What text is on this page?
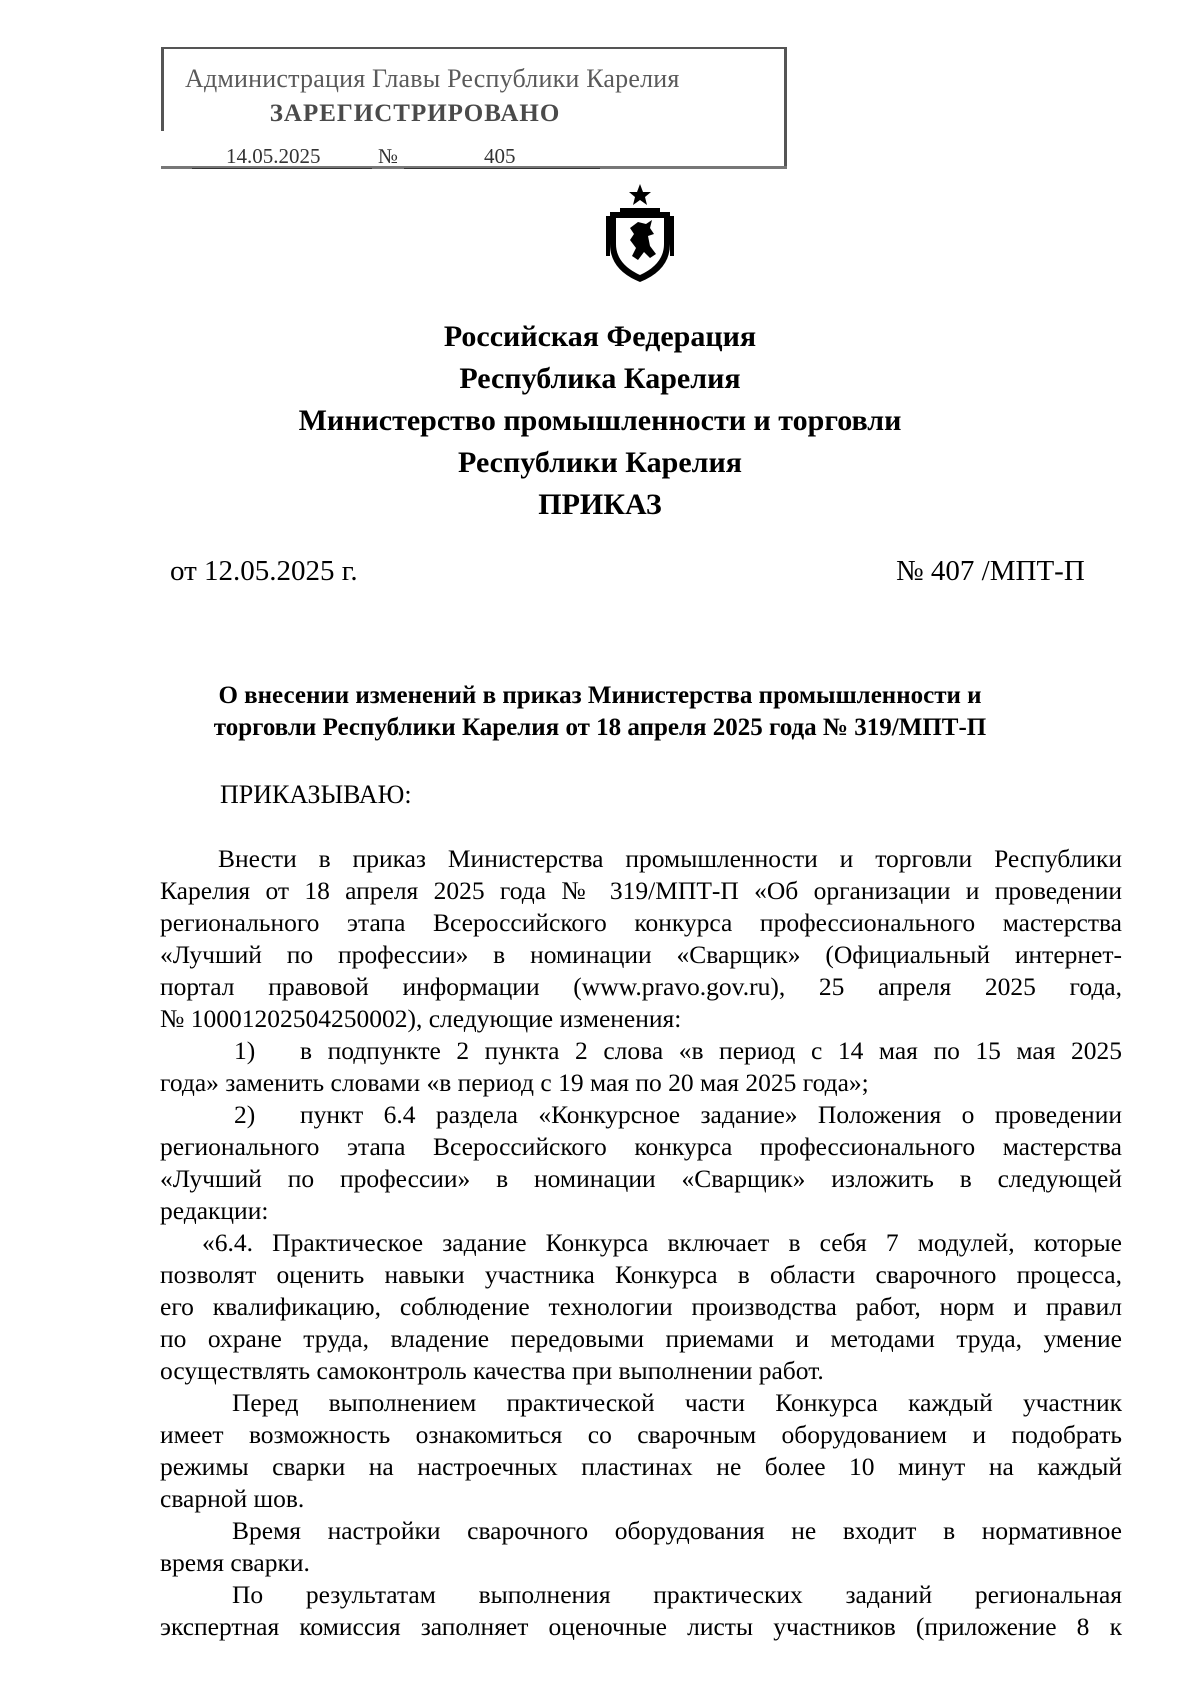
Администрация Главы Республики Карелия
ЗАРЕГИСТРИРОВАНО
14.05.2025	№	405
Российская Федерация
Республика Карелия
Министерство промышленности и торговли
Республики Карелия
ПРИКАЗ
от 12.05.2025 г.	№ 407 /МПТ-П
О внесении изменений в приказ Министерства промышленности и
торговли Республики Карелия от 18 апреля 2025 года № 319/МПТ-П
ПРИКАЗЫВАЮ:

Внести в приказ Министерства промышленности и торговли Республики

Карелия от 18 апреля 2025 года № 319/МПТ-П «Об организации и проведении

регионального этапа Всероссийского конкурса профессионального мастерства

«Лучший по профессии» в номинации «Сварщик» (Официальный интернет-

портал правовой информации (www.pravo.gov.ru), 25 апреля 2025 года,

№ 10001202504250002), следующие изменения:

1) в подпункте 2 пункта 2 слова «в период с 14 мая по 15 мая 2025

года» заменить словами «в период с 19 мая по 20 мая 2025 года»;

2) пункт 6.4 раздела «Конкурсное задание» Положения о проведении

регионального этапа Всероссийского конкурса профессионального мастерства

«Лучший по профессии» в номинации «Сварщик» изложить в следующей

редакции:

«6.4. Практическое задание Конкурса включает в себя 7 модулей, которые

позволят оценить навыки участника Конкурса в области сварочного процесса,

его квалификацию, соблюдение технологии производства работ, норм и правил

по охране труда, владение передовыми приемами и методами труда, умение

осуществлять самоконтроль качества при выполнении работ.

Перед выполнением практической части Конкурса каждый участник

имеет возможность ознакомиться со сварочным оборудованием и подобрать

режимы сварки на настроечных пластинах не более 10 минут на каждый

сварной шов.

Время настройки сварочного оборудования не входит в нормативное

время сварки.

По результатам выполнения практических заданий региональная

экспертная комиссия заполняет оценочные листы участников (приложение 8 к
